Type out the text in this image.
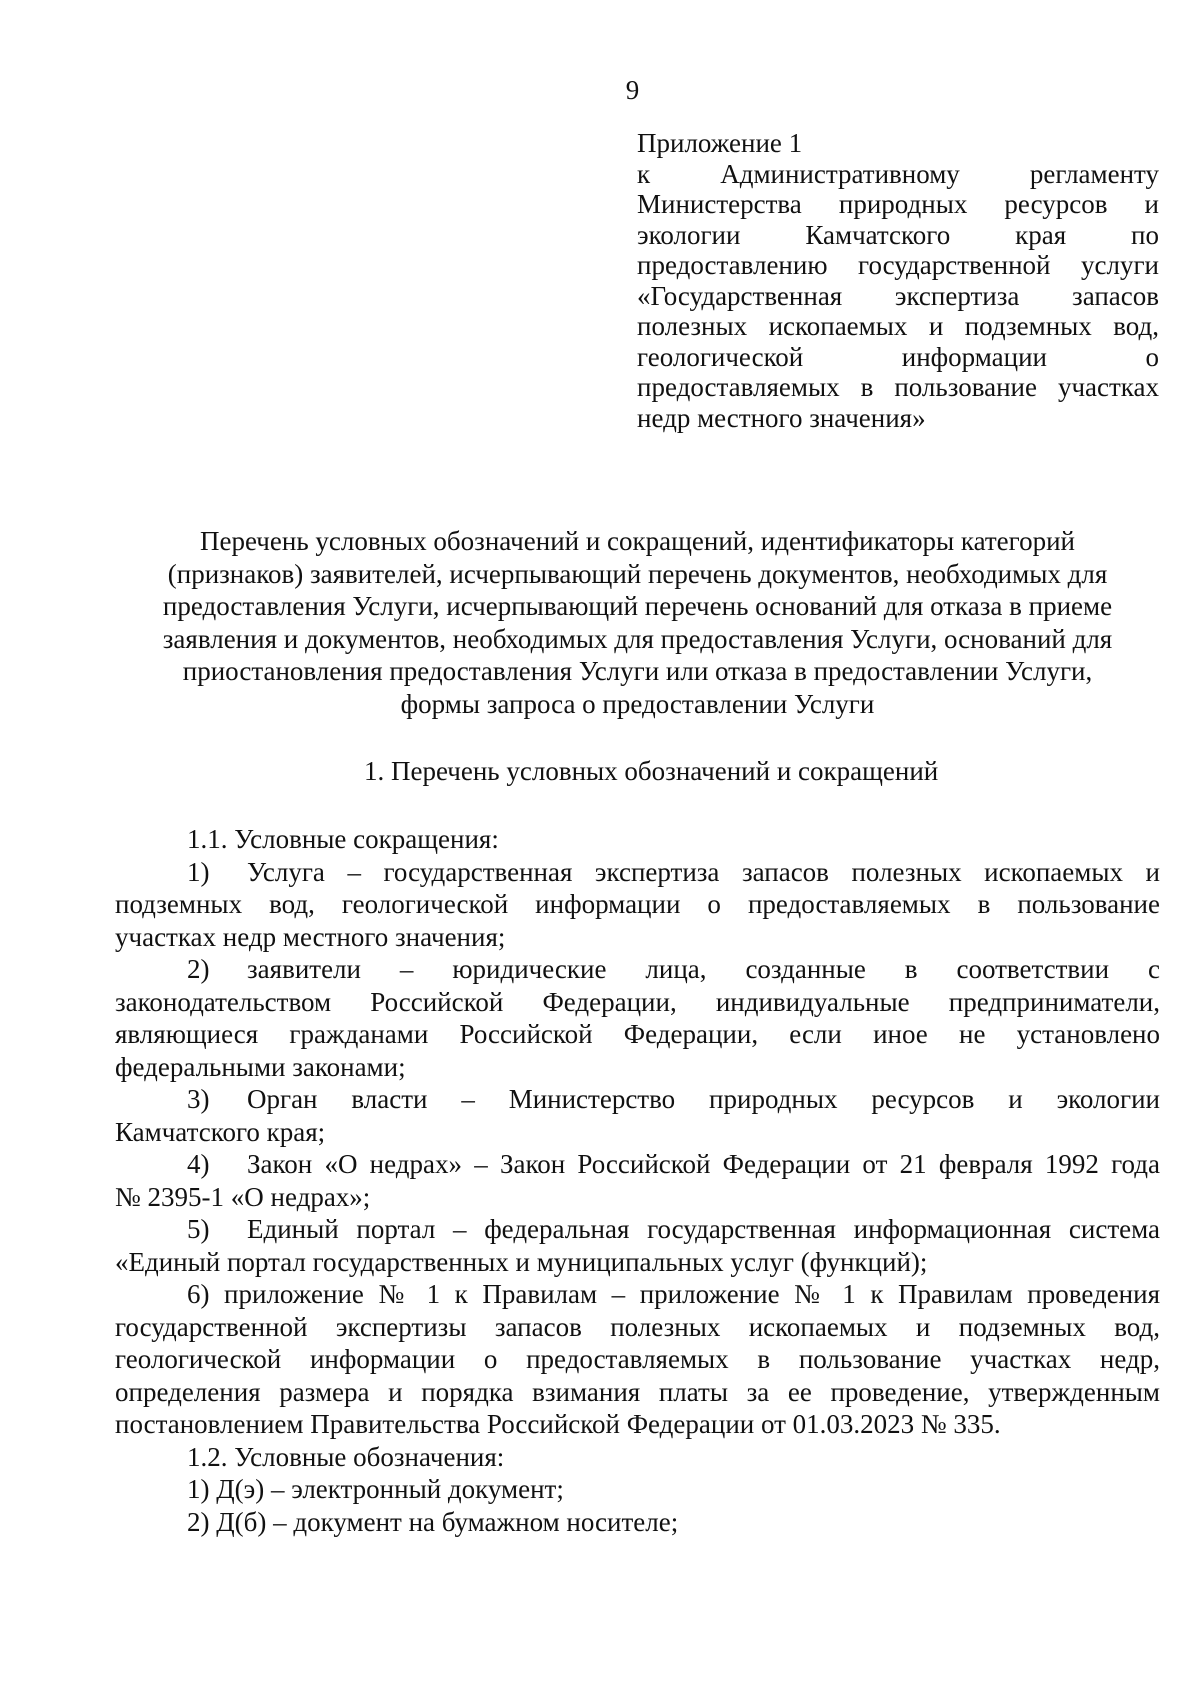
9
Приложение 1
к Административному регламенту
Министерства природных ресурсов и
экологии Камчатского края по
предоставлению государственной услуги
«Государственная экспертиза запасов
полезных ископаемых и подземных вод,
геологической информации о
предоставляемых в пользование участках
недр местного значения»
Перечень условных обозначений и сокращений, идентификаторы категорий
(признаков) заявителей, исчерпывающий перечень документов, необходимых для
предоставления Услуги, исчерпывающий перечень оснований для отказа в приеме
заявления и документов, необходимых для предоставления Услуги, оснований для
приостановления предоставления Услуги или отказа в предоставлении Услуги,
формы запроса о предоставлении Услуги
1. Перечень условных обозначений и сокращений
1.1. Условные сокращения:
1) Услуга – государственная экспертиза запасов полезных ископаемых и
подземных вод, геологической информации о предоставляемых в пользование
участках недр местного значения;
2) заявители – юридические лица, созданные в соответствии с
законодательством Российской Федерации, индивидуальные предприниматели,
являющиеся гражданами Российской Федерации, если иное не установлено
федеральными законами;
3) Орган власти – Министерство природных ресурсов и экологии
Камчатского края;
4) Закон «О недрах» – Закон Российской Федерации от 21 февраля 1992 года
№ 2395-1 «О недрах»;
5) Единый портал – федеральная государственная информационная система
«Единый портал государственных и муниципальных услуг (функций);
6) приложение № 1 к Правилам – приложение № 1 к Правилам проведения
государственной экспертизы запасов полезных ископаемых и подземных вод,
геологической информации о предоставляемых в пользование участках недр,
определения размера и порядка взимания платы за ее проведение, утвержденным
постановлением Правительства Российской Федерации от 01.03.2023 № 335.
1.2. Условные обозначения:
1) Д(э) – электронный документ;
2) Д(б) – документ на бумажном носителе;
